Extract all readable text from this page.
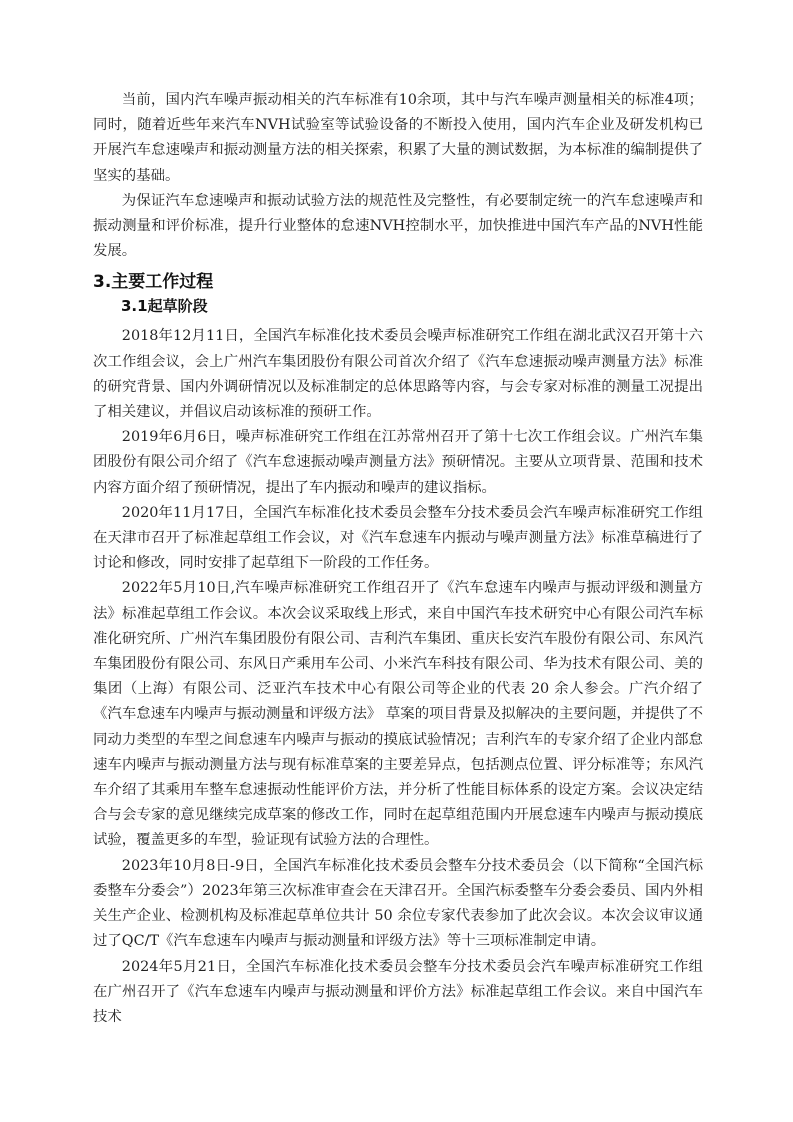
当前，国内汽车噪声振动相关的汽车标准有10余项，其中与汽车噪声测量相关的标准4项；同时，随着近些年来汽车NVH试验室等试验设备的不断投入使用，国内汽车企业及研发机构已开展汽车怠速噪声和振动测量方法的相关探索，积累了大量的测试数据，为本标准的编制提供了坚实的基础。

为保证汽车怠速噪声和振动试验方法的规范性及完整性，有必要制定统一的汽车怠速噪声和振动测量和评价标准，提升行业整体的怠速NVH控制水平，加快推进中国汽车产品的NVH性能发展。

3.主要工作过程
3.1起草阶段

2018年12月11日，全国汽车标准化技术委员会噪声标准研究工作组在湖北武汉召开第十六次工作组会议，会上广州汽车集团股份有限公司首次介绍了《汽车怠速振动噪声测量方法》标准的研究背景、国内外调研情况以及标准制定的总体思路等内容，与会专家对标准的测量工况提出了相关建议，并倡议启动该标准的预研工作。

2019年6月6日，噪声标准研究工作组在江苏常州召开了第十七次工作组会议。广州汽车集团股份有限公司介绍了《汽车怠速振动噪声测量方法》预研情况。主要从立项背景、范围和技术内容方面介绍了预研情况，提出了车内振动和噪声的建议指标。

2020年11月17日，全国汽车标准化技术委员会整车分技术委员会汽车噪声标准研究工作组在天津市召开了标准起草组工作会议，对《汽车怠速车内振动与噪声测量方法》标准草稿进行了讨论和修改，同时安排了起草组下一阶段的工作任务。

2022年5月10日,汽车噪声标准研究工作组召开了《汽车怠速车内噪声与振动评级和测量方法》标准起草组工作会议。本次会议采取线上形式，来自中国汽车技术研究中心有限公司汽车标准化研究所、广州汽车集团股份有限公司、吉利汽车集团、重庆长安汽车股份有限公司、东风汽车集团股份有限公司、东风日产乘用车公司、小米汽车科技有限公司、华为技术有限公司、美的集团（上海）有限公司、泛亚汽车技术中心有限公司等企业的代表 20 余人参会。广汽介绍了《汽车怠速车内噪声与振动测量和评级方法》 草案的项目背景及拟解决的主要问题，并提供了不同动力类型的车型之间怠速车内噪声与振动的摸底试验情况；吉利汽车的专家介绍了企业内部怠速车内噪声与振动测量方法与现有标准草案的主要差异点，包括测点位置、评分标准等；东风汽车介绍了其乘用车整车怠速振动性能评价方法，并分析了性能目标体系的设定方案。会议决定结合与会专家的意见继续完成草案的修改工作，同时在起草组范围内开展怠速车内噪声与振动摸底试验，覆盖更多的车型，验证现有试验方法的合理性。

2023年10月8日-9日，全国汽车标准化技术委员会整车分技术委员会（以下简称“全国汽标委整车分委会”）2023年第三次标准审查会在天津召开。全国汽标委整车分委会委员、国内外相关生产企业、检测机构及标准起草单位共计 50 余位专家代表参加了此次会议。本次会议审议通过了QC/T《汽车怠速车内噪声与振动测量和评级方法》等十三项标准制定申请。

2024年5月21日，全国汽车标准化技术委员会整车分技术委员会汽车噪声标准研究工作组在广州召开了《汽车怠速车内噪声与振动测量和评价方法》标准起草组工作会议。来自中国汽车技术
